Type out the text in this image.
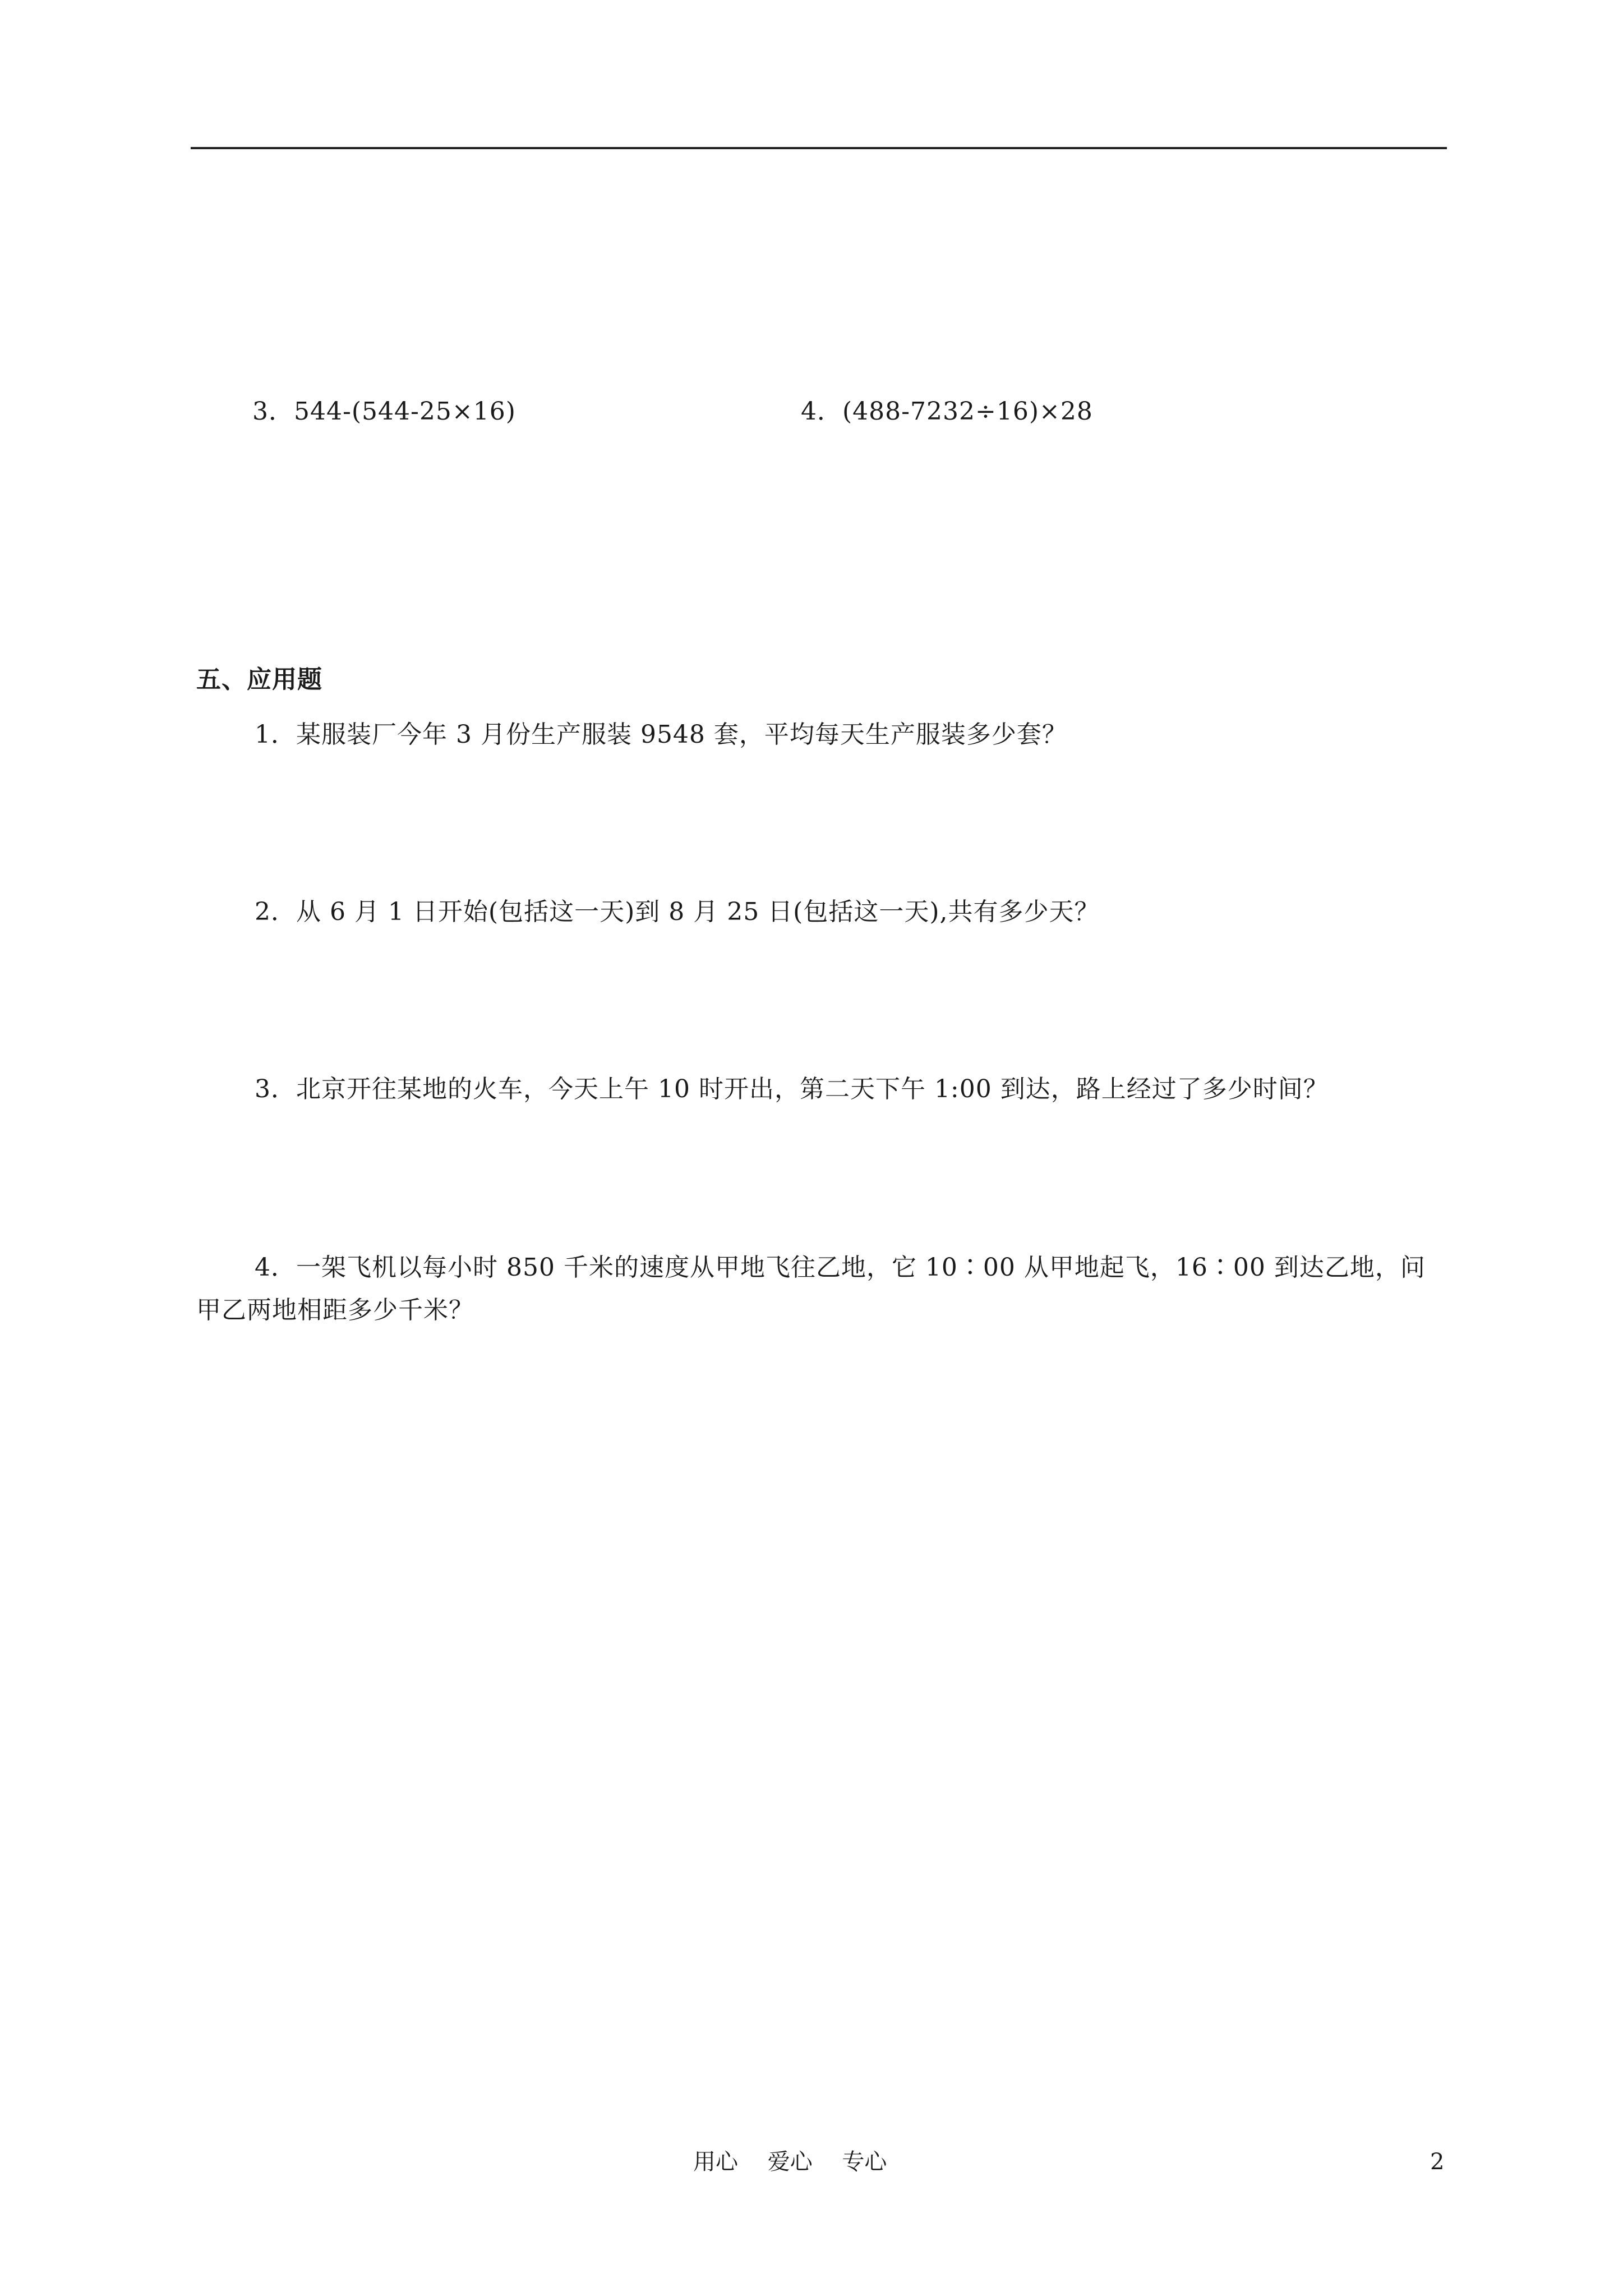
3．544-(544-25×16)	4．(488-7232÷16)×28
五、应用题
1．某服装厂今年 3 月份生产服装 9548 套，平均每天生产服装多少套？
2．从 6 月 1 日开始(包括这一天)到 8 月 25 日(包括这一天),共有多少天？
3．北京开往某地的火车，今天上午 10 时开出，第二天下午 1:00 到达，路上经过了多少时间？
4．一架飞机以每小时 850 千米的速度从甲地飞往乙地，它 10∶00 从甲地起飞，16∶00 到达乙地，问甲乙两地相距多少千米？
用心 爱心 专心	2
